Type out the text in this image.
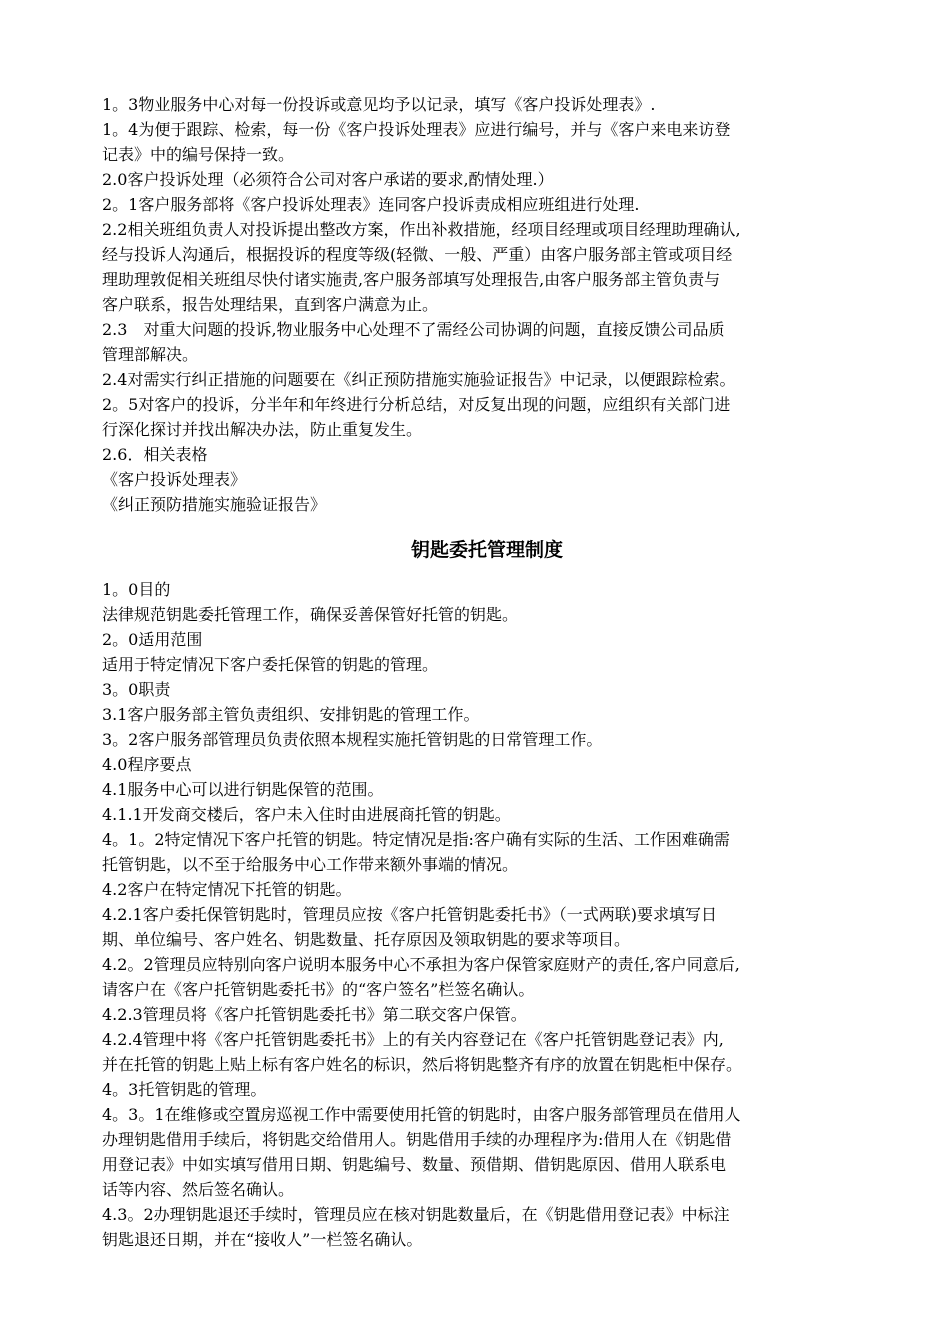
1。3物业服务中心对每一份投诉或意见均予以记录，填写《客户投诉处理表》.
1。4为便于跟踪、检索，每一份《客户投诉处理表》应进行编号，并与《客户来电来访登
记表》中的编号保持一致。
2.0客户投诉处理（必须符合公司对客户承诺的要求,酌情处理.）
2。1客户服务部将《客户投诉处理表》连同客户投诉责成相应班组进行处理.
2.2相关班组负责人对投诉提出整改方案，作出补救措施，经项目经理或项目经理助理确认,
经与投诉人沟通后，根据投诉的程度等级(轻微、一般、严重）由客户服务部主管或项目经
理助理敦促相关班组尽快付诸实施责,客户服务部填写处理报告,由客户服务部主管负责与
客户联系，报告处理结果，直到客户满意为止。
2.3　对重大问题的投诉,物业服务中心处理不了需经公司协调的问题，直接反馈公司品质
管理部解决。
2.4对需实行纠正措施的问题要在《纠正预防措施实施验证报告》中记录，以便跟踪检索。
2。5对客户的投诉，分半年和年终进行分析总结，对反复出现的问题，应组织有关部门进
行深化探讨并找出解决办法，防止重复发生。
2.6．相关表格
《客户投诉处理表》
《纠正预防措施实施验证报告》
钥匙委托管理制度
1。0目的
法律规范钥匙委托管理工作，确保妥善保管好托管的钥匙。
2。0适用范围
适用于特定情况下客户委托保管的钥匙的管理。
3。0职责
3.1客户服务部主管负责组织、安排钥匙的管理工作。
3。2客户服务部管理员负责依照本规程实施托管钥匙的日常管理工作。
4.0程序要点
4.1服务中心可以进行钥匙保管的范围。
4.1.1开发商交楼后，客户未入住时由进展商托管的钥匙。
4。1。2特定情况下客户托管的钥匙。特定情况是指:客户确有实际的生活、工作困难确需
托管钥匙，以不至于给服务中心工作带来额外事端的情况。
4.2客户在特定情况下托管的钥匙。
4.2.1客户委托保管钥匙时，管理员应按《客户托管钥匙委托书》（一式两联)要求填写日
期、单位编号、客户姓名、钥匙数量、托存原因及领取钥匙的要求等项目。
4.2。2管理员应特别向客户说明本服务中心不承担为客户保管家庭财产的责任,客户同意后,
请客户在《客户托管钥匙委托书》的“客户签名”栏签名确认。
4.2.3管理员将《客户托管钥匙委托书》第二联交客户保管。
4.2.4管理中将《客户托管钥匙委托书》上的有关内容登记在《客户托管钥匙登记表》内,
并在托管的钥匙上贴上标有客户姓名的标识，然后将钥匙整齐有序的放置在钥匙柜中保存。
4。3托管钥匙的管理。
4。3。1在维修或空置房巡视工作中需要使用托管的钥匙时，由客户服务部管理员在借用人
办理钥匙借用手续后，将钥匙交给借用人。钥匙借用手续的办理程序为:借用人在《钥匙借
用登记表》中如实填写借用日期、钥匙编号、数量、预借期、借钥匙原因、借用人联系电
话等内容、然后签名确认。
4.3。2办理钥匙退还手续时，管理员应在核对钥匙数量后，在《钥匙借用登记表》中标注
钥匙退还日期，并在“接收人”一栏签名确认。
